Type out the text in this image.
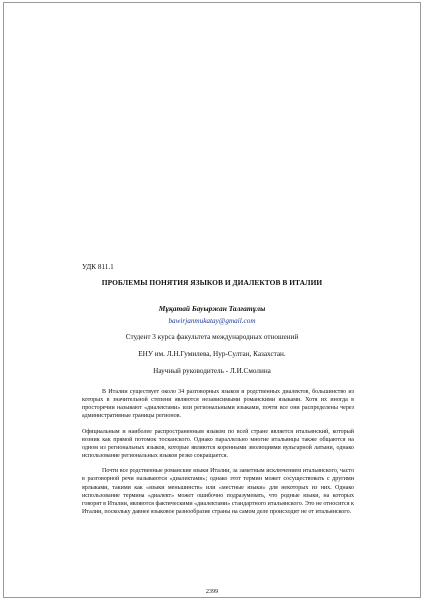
УДК 811.1
ПРОБЛЕМЫ ПОНЯТИЯ ЯЗЫКОВ И ДИАЛЕКТОВ В ИТАЛИИ
Мұқатай Бауыржан Талғатұлы
bawirjanmukatay@gmail.com
Студент 3 курса факультета международных отношений
ЕНУ им. Л.Н.Гумилева, Нур-Султан, Казахстан.
Научный руководитель - Л.И.Смолина

В Италии существует около 34 разговорных языков и родственных диалектов, большинство из которых в значительной степени являются независимыми романскими языками. Хотя их иногда в просторечии называют «диалектами» или региональными языками, почти все они распределены через административные границы регионов.

Официальным и наиболее распространенным языком по всей стране является итальянский, который возник как прямой потомок тосканского. Однако параллельно многие итальянцы также общаются на одном из региональных языков, которые являются коренными эволюциями вульгарной латыни, однако использование региональных языков резко сокращается.

Почти все родственные романские языки Италии, за заметным исключением итальянского, часто в разговорной речи называются «диалектами»; однако этот термин может сосуществовать с другими ярлыками, такими как «языки меньшинств» или «местные языки» для некоторых из них. Однако использование термина «диалект» может ошибочно подразумевать, что родные языки, на которых говорят в Италии, являются фактическими «диалектами» стандартного итальянского. Это не относится к Италии, поскольку давнее языковое разнообразие страны на самом деле происходит не от итальянского.

2399
